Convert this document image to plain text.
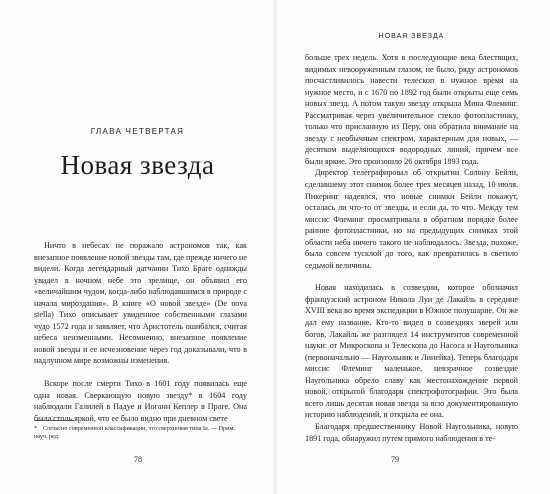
ГЛАВА ЧЕТВЕРТАЯ
Новая звезда

Ничто в небесах не поражало астрономов так, как внезапное появление новой звезды там, где прежде ничего не видели. Когда легендарный датчанин Тихо Браге однажды увидел в ночном небе это зрелище, он объявил его «величайшим чудом, когда-либо наблюдавшимся в природе с начала мироздания». В книге «О новой звезде» (De nova stella) Тихо описывает увиденное собственными глазами чудо 1572 года и заявляет, что Аристотель ошибался, считая небеса неизменными. Несомненно, внезапное появление новой звезды и ее исчезновение через год доказывали, что в надлунном мире возможны изменения.

Вскоре после смерти Тихо в 1601 году появилась еще одна новая. Сверкающую новую звезду* в 1604 году наблюдали Галилей в Падуе и Иоганн Кеплер в Праге. Она была столь яркой, что ее было видно при дневном свете

* Согласно современной классификации, это сверхновая типа Ia. — Прим. науч. ред.
78
НОВАЯ ЗВЕЗДА

больше трех недель. Хотя в последующие века блестящих, видимых невооруженным глазом, не было, ряду астрономов посчастливилось навести телескоп в нужное время на нужное место, и с 1670 по 1892 год были открыты еще семь новых звезд. А потом такую звезду открыла Мина Флеминг. Рассматривая через увеличительное стекло фотопластинку, только что присланную из Перу, она обратила внимание на звезду с необычным спектром, характерным для новых, — десятком выделяющихся водородных линий, причем все были яркие. Это произошло 26 октября 1893 года.

Директор телеграфировал об открытии Солону Бейли, сделавшему этот снимок более трех месяцев назад, 10 июля. Пикеринг надеялся, что новые снимки Бейли покажут, осталась ли что-то от звезды, и если да, то что. Между тем миссис Флеминг просматривала в обратном порядке более ранние фотопластинки, но на предыдущих снимках этой области неба ничего такого не наблюдалось. Звезда, похоже, была совсем тусклой до того, как превратилась в светило седьмой величины.

Новая находилась в созвездии, которое обозначил французский астроном Никола Луи де Лакайль в середине XVIII века во время экспедиции в Южное полушарие. Он же дал ему название. Кто-то видел в созвездиях зверей или богов, Лакайль же разглядел 14 инструментов современной науки: от Микроскопа и Телескопа до Насоса и Наугольника (первоначально — Наугольник и Линейка). Теперь благодаря миссис Флеминг маленькое, невзрачное созвездие Наугольника обрело славу как местонахождение первой новой, открытой благодаря спектрофотографии. Это была всего лишь десятая новая звезда за всю документированную историю наблюдений, и открыла ее она.

Благодаря предшественнику Новой Наугольника, новую 1891 года, обнаружил путем прямого наблюдения в те-

79
